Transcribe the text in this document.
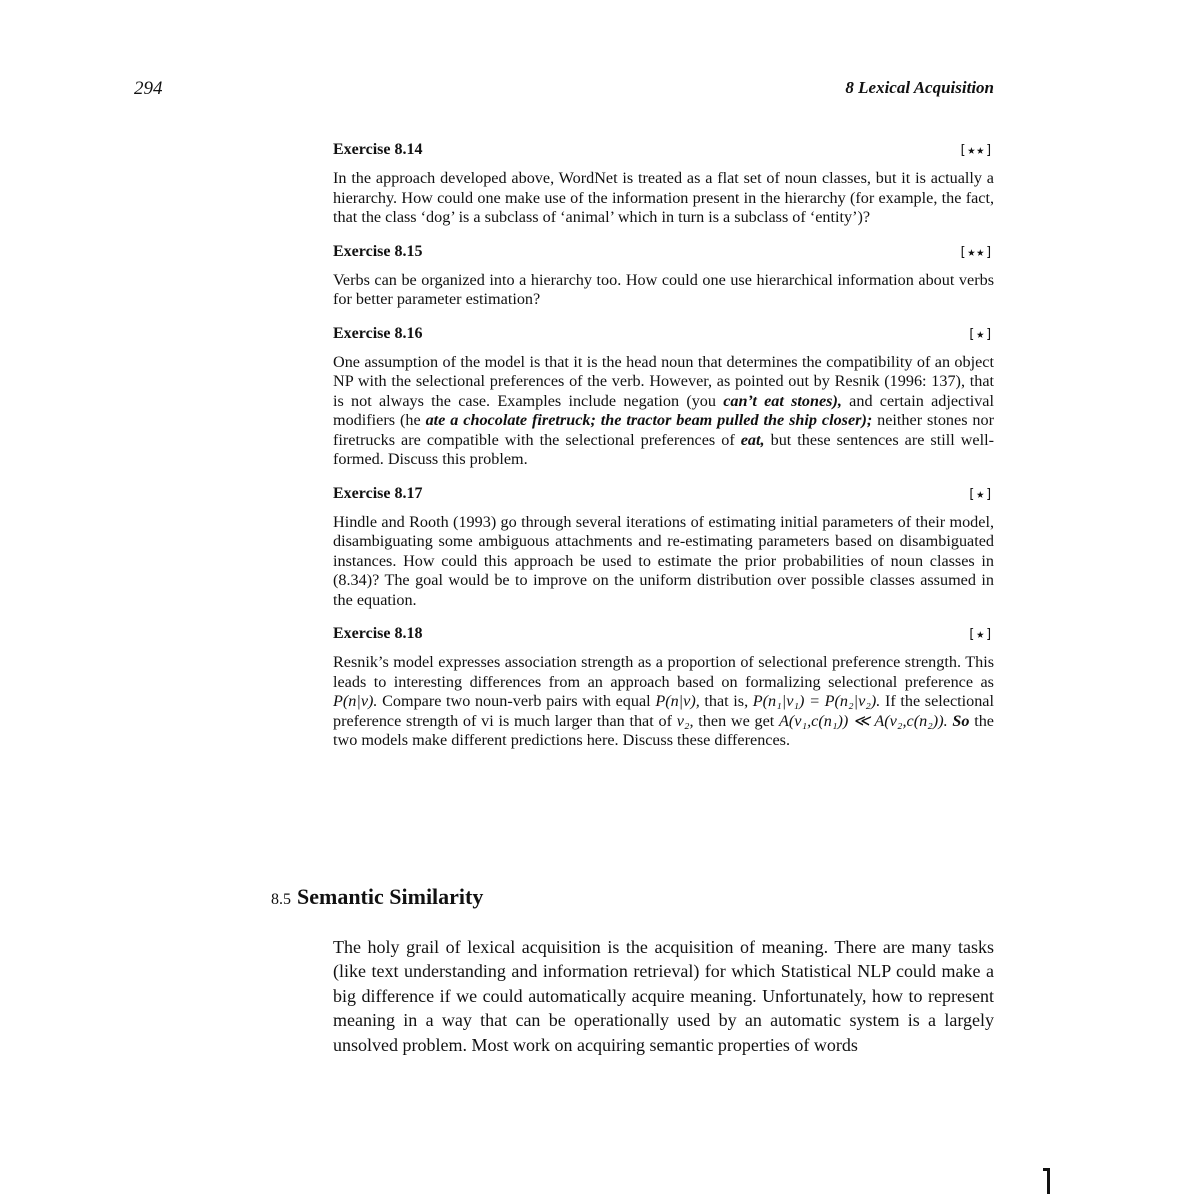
294	8 Lexical Acquisition
Exercise 8.14	[★★]

In the approach developed above, WordNet is treated as a flat set of noun classes, but it is actually a hierarchy. How could one make use of the information present in the hierarchy (for example, the fact, that the class ‘dog’ is a subclass of ‘animal’ which in turn is a subclass of ‘entity’)?

Exercise 8.15	[★★]

Verbs can be organized into a hierarchy too. How could one use hierarchical information about verbs for better parameter estimation?

Exercise 8.16	[★]

One assumption of the model is that it is the head noun that determines the compatibility of an object NP with the selectional preferences of the verb. However, as pointed out by Resnik (1996: 137), that is not always the case. Examples include negation (you can’t eat stones), and certain adjectival modifiers (he ate a chocolate firetruck; the tractor beam pulled the ship closer); neither stones nor firetrucks are compatible with the selectional preferences of eat, but these sentences are still well-formed. Discuss this problem.

Exercise 8.17	[★]

Hindle and Rooth (1993) go through several iterations of estimating initial parameters of their model, disambiguating some ambiguous attachments and re-estimating parameters based on disambiguated instances. How could this approach be used to estimate the prior probabilities of noun classes in (8.34)? The goal would be to improve on the uniform distribution over possible classes assumed in the equation.

Exercise 8.18	[★]

Resnik’s model expresses association strength as a proportion of selectional preference strength. This leads to interesting differences from an approach based on formalizing selectional preference as P(n|v). Compare two noun-verb pairs with equal P(n|v), that is, P(n₁|v₁) = P(n₂|v₂). If the selectional preference strength of vi is much larger than that of v₂, then we get A(v₁,c(n₁)) ≪ A(v₂,c(n₂)). So the two models make different predictions here. Discuss these differences.

8.5 Semantic Similarity

The holy grail of lexical acquisition is the acquisition of meaning. There are many tasks (like text understanding and information retrieval) for which Statistical NLP could make a big difference if we could automatically acquire meaning. Unfortunately, how to represent meaning in a way that can be operationally used by an automatic system is a largely unsolved problem. Most work on acquiring semantic properties of words
